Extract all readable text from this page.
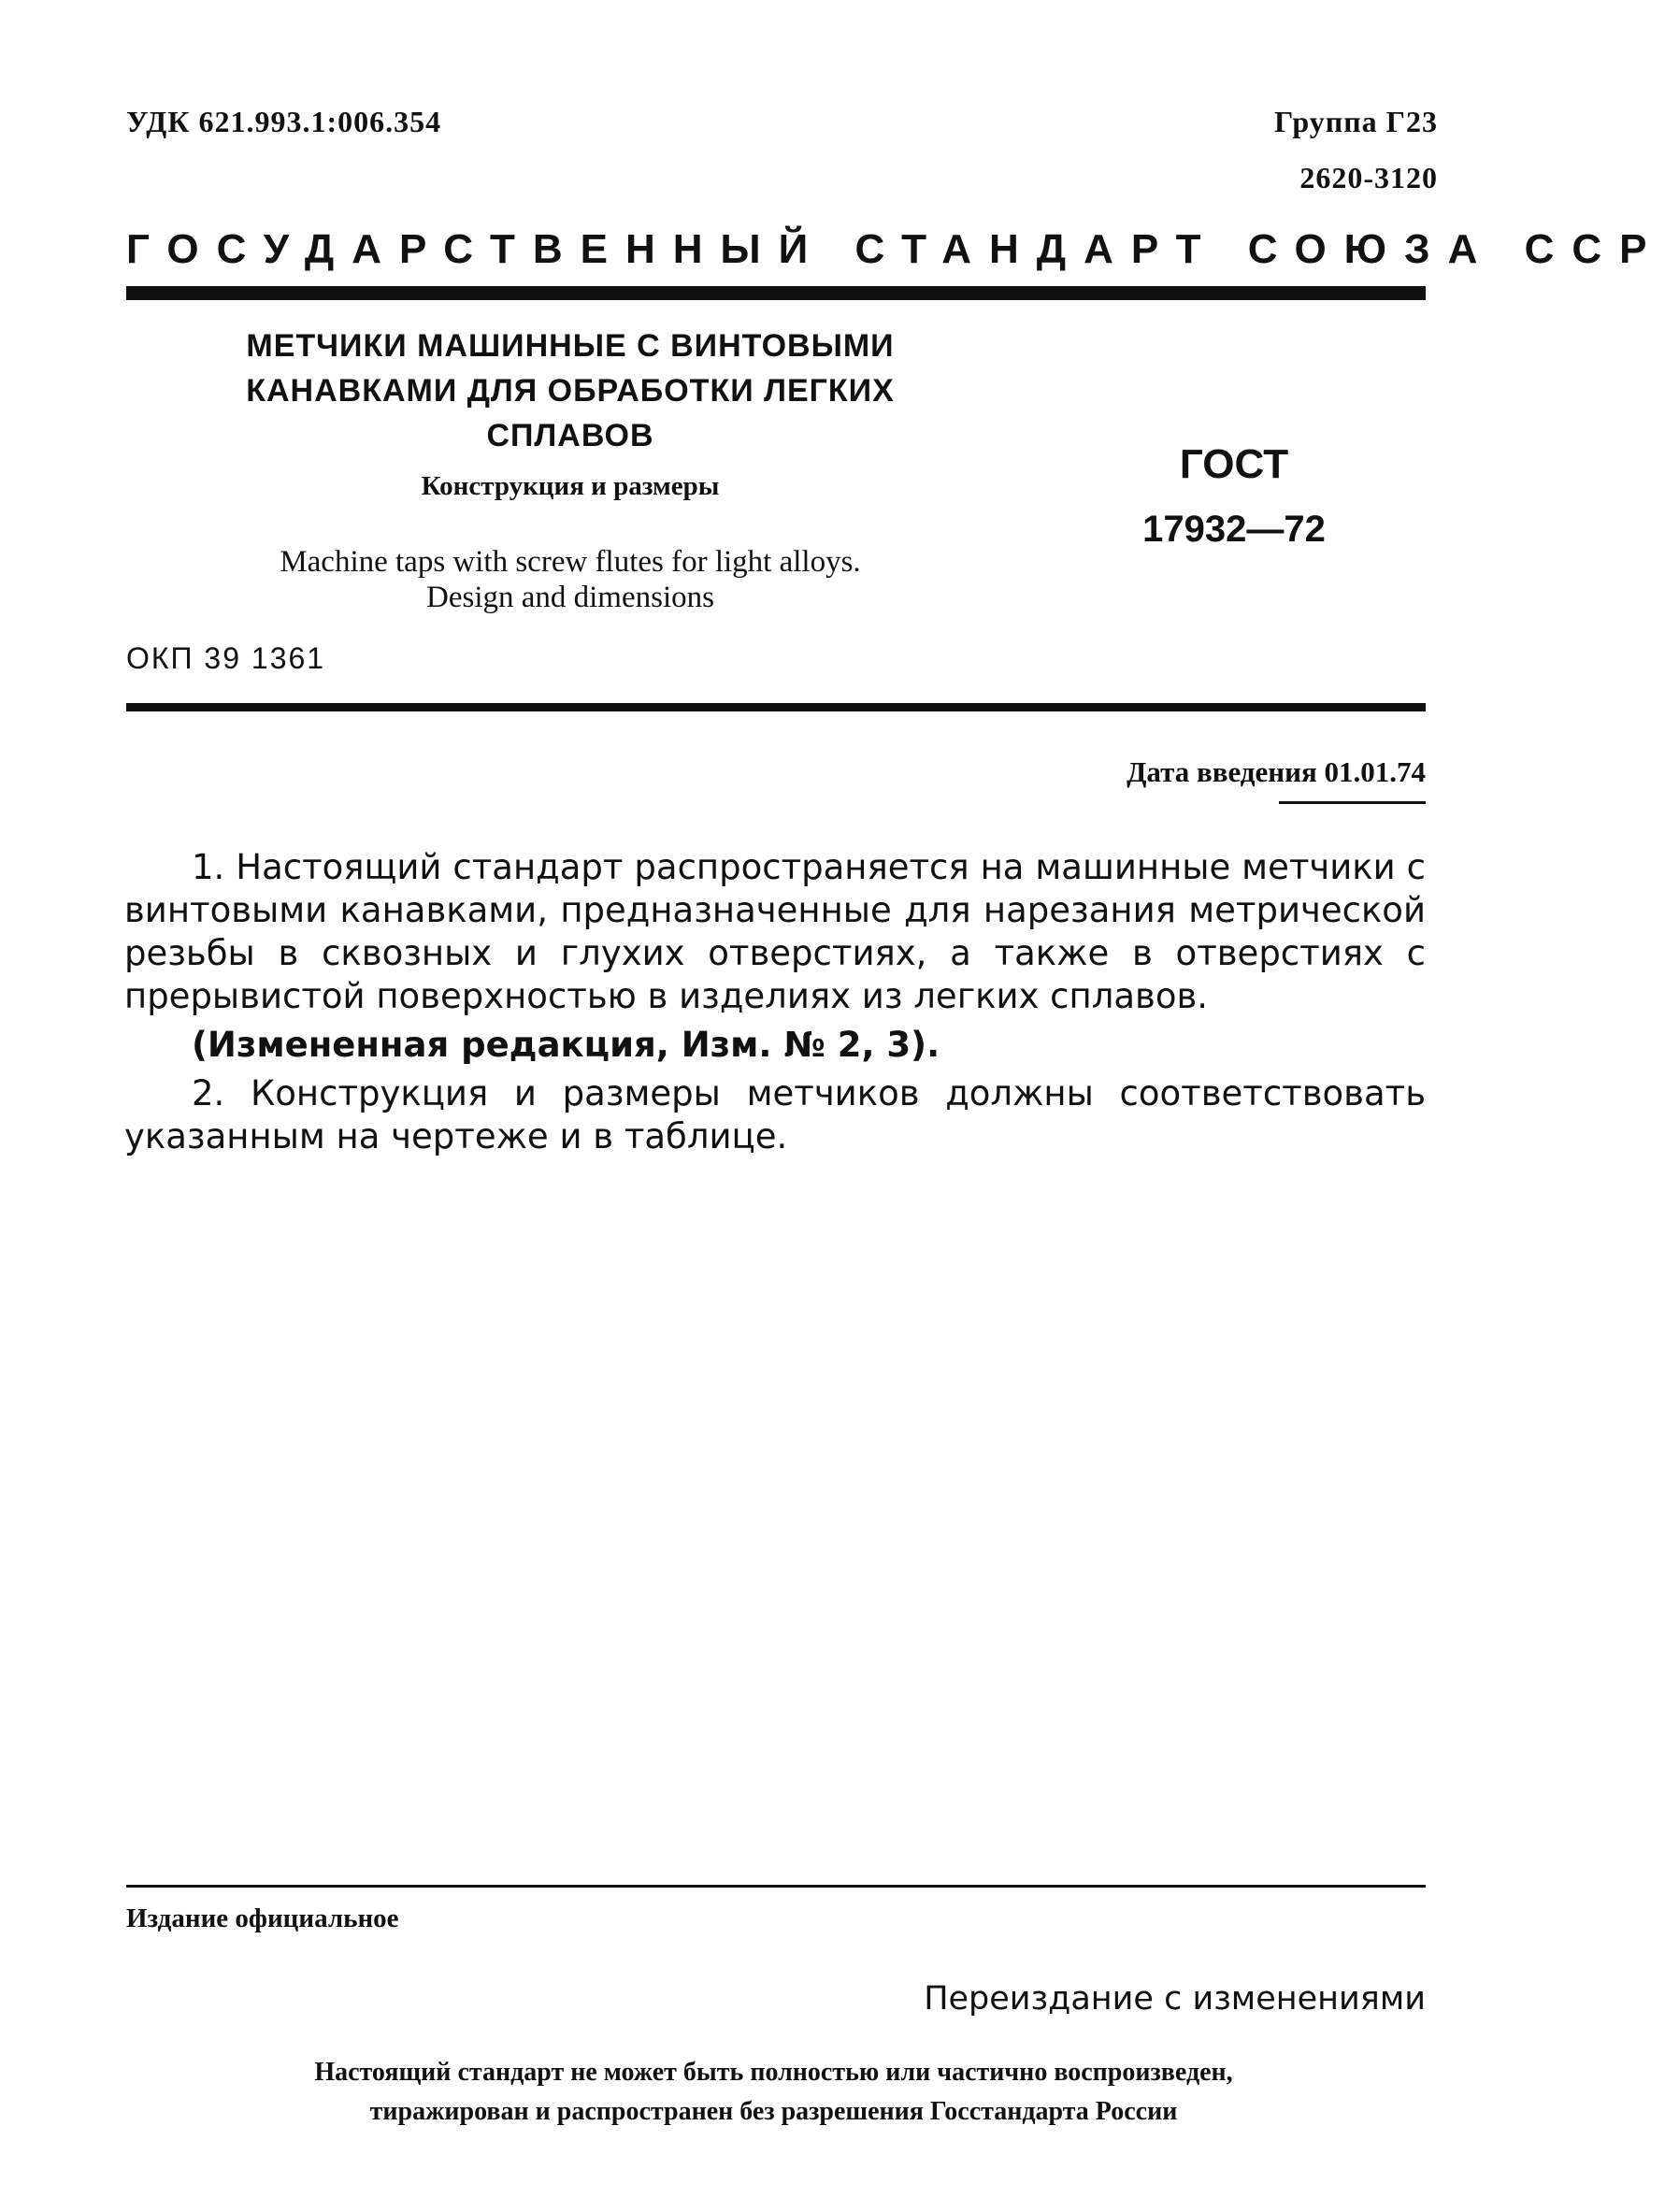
УДК 621.993.1:006.354	Группа Г23
2620-3120
ГОСУДАРСТВЕННЫЙ СТАНДАРТ СОЮЗА ССР
МЕТЧИКИ МАШИННЫЕ С ВИНТОВЫМИ
КАНАВКАМИ ДЛЯ ОБРАБОТКИ ЛЕГКИХ
СПЛАВОВ
Конструкция и размеры
Machine taps with screw flutes for light alloys.
Design and dimensions
ГОСТ
17932—72
ОКП 39 1361
Дата введения 01.01.74

1. Настоящий стандарт распространяется на машинные метчики с винтовыми канавками, предназначенные для нарезания метрической резьбы в сквозных и глухих отверстиях, а также в отверстиях с прерывистой поверхностью в изделиях из легких сплавов.

(Измененная редакция, Изм. № 2, 3).

2. Конструкция и размеры метчиков должны соответствовать указанным на чертеже и в таблице.

Издание официальное
Переиздание с изменениями
Настоящий стандарт не может быть полностью или частично воспроизведен,
тиражирован и распространен без разрешения Госстандарта России
